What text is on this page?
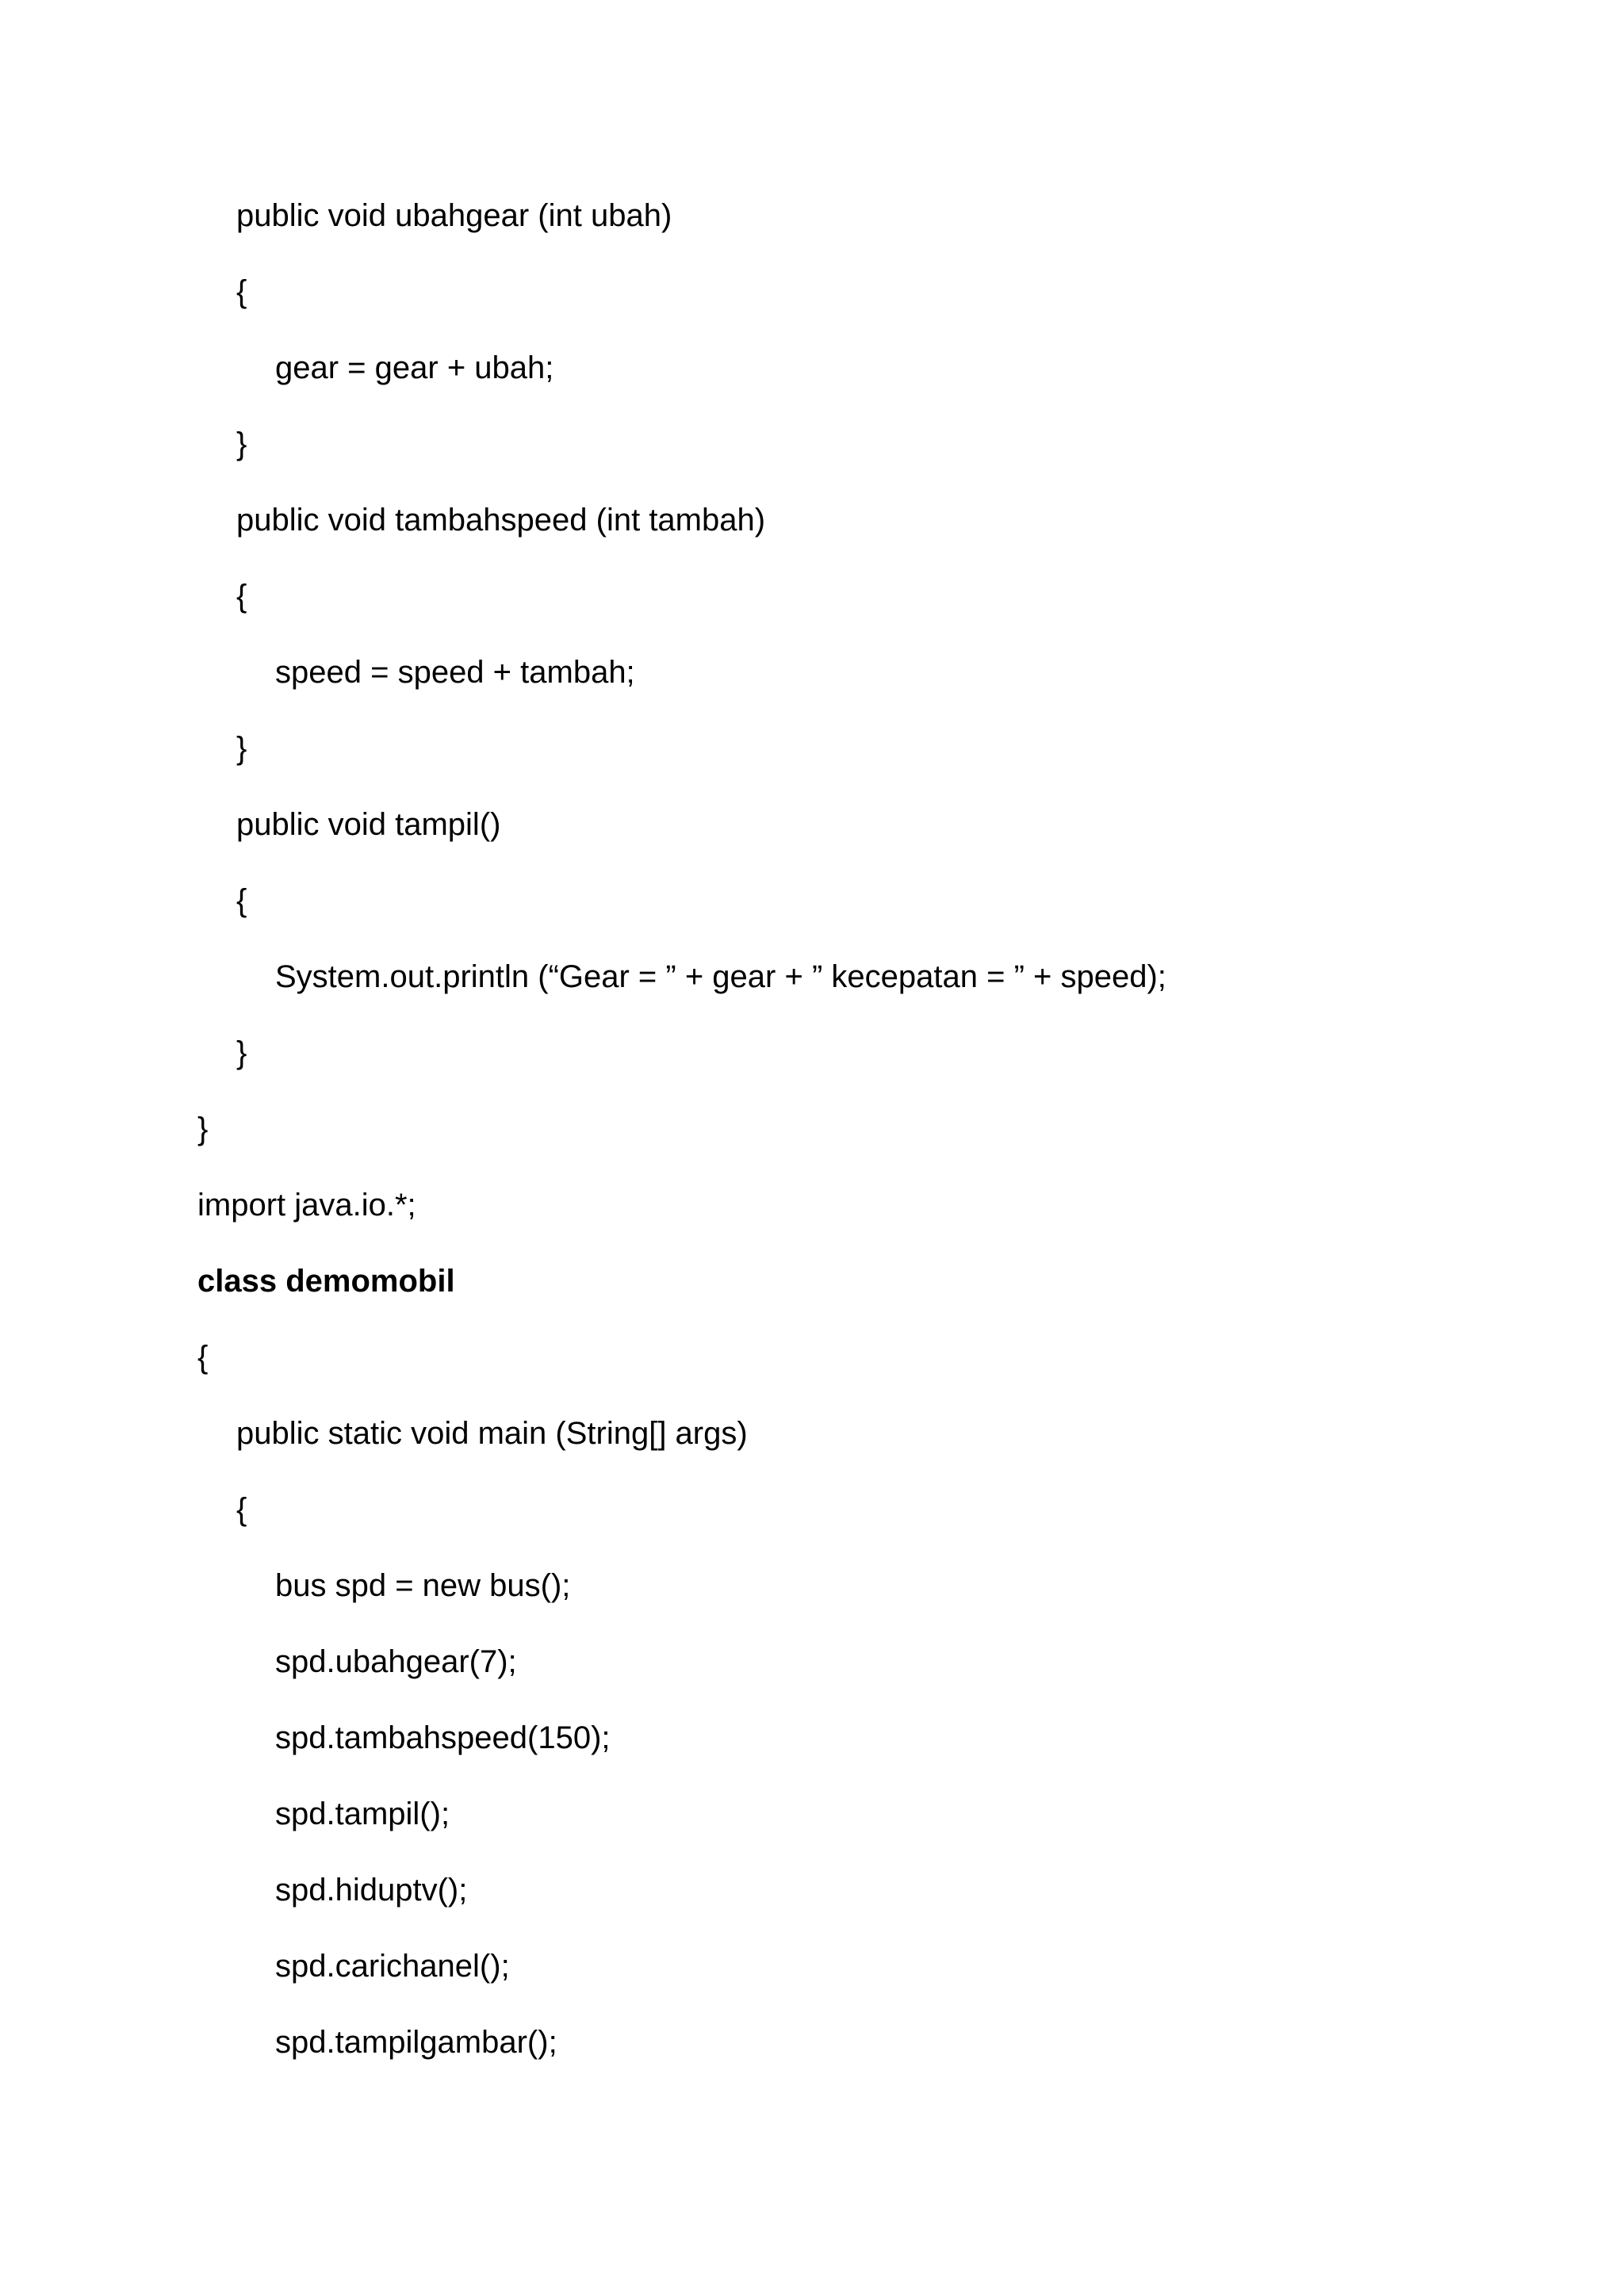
public void ubahgear (int ubah)
{
gear = gear + ubah;
}
public void tambahspeed (int tambah)
{
speed = speed + tambah;
}
public void tampil()
{
System.out.println (“Gear = ” + gear + ” kecepatan = ” + speed);
}
}
import java.io.*;
class demomobil
{
public static void main (String[] args)
{
bus spd = new bus();
spd.ubahgear(7);
spd.tambahspeed(150);
spd.tampil();
spd.hiduptv();
spd.carichanel();
spd.tampilgambar();
